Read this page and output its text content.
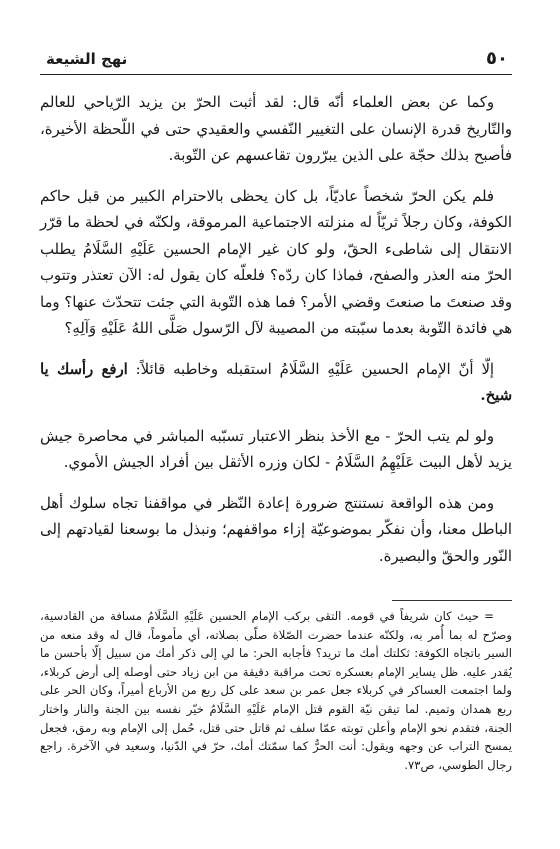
٥٠
نهج الشيعة

وكما عن بعض العلماء أنّه قال: لقد أثبت الحرّ بن يزيد الرّياحي للعالم والتّاريخ قدرة الإنسان على التغيير النّفسي والعقيدي حتى في اللّحظة الأخيرة، فأصبح بذلك حجّة على الذين يبرّرون تقاعسهم عن التّوبة.

فلم يكن الحرّ شخصاً عاديّاً، بل كان يحظى بالاحترام الكبير من قبل حاكم الكوفة، وكان رجلاً ثريّاً له منزلته الاجتماعية المرموقة، ولكنّه في لحظة ما قرّر الانتقال إلى شاطىء الحقّ، ولو كان غير الإمام الحسين عَلَيْهِ السَّلَامُ يطلب الحرّ منه العذر والصفح، فماذا كان ردّه؟ فلعلّه كان يقول له: الآن تعتذر وتتوب وقد صنعتَ ما صنعتَ وقضي الأمر؟ فما هذه التّوبة التي جئت تتحدّث عنها؟ وما هي فائدة التّوبة بعدما سبّبته من المصيبة لآل الرّسول صَلَّى اللهُ عَلَيْهِ وَآلِهِ؟

إلّا أنّ الإمام الحسين عَلَيْهِ السَّلَامُ استقبله وخاطبه قائلاً: ارفع رأسك يا شيخ.

ولو لم يتب الحرّ - مع الأخذ بنظر الاعتبار تسبّبه المباشر في محاصرة جيش يزيد لأهل البيت عَلَيْهِمُ السَّلَامُ - لكان وزره الأثقل بين أفراد الجيش الأموي.

ومن هذه الواقعة نستنتج ضرورة إعادة النّظر في مواقفنا تجاه سلوك أهل الباطل معنا، وأن نفكّر بموضوعيّة إزاء مواقفهم؛ ونبذل ما بوسعنا لقيادتهم إلى النّور والحقّ والبصيرة.

= حيث كان شريفاً في قومه. التقى بركب الإمام الحسين عَلَيْهِ السَّلَامُ مسافة من القادسية، وصرّح له بما أُمر به، ولكنّه عندما حضرت الصّلاة صلّى بصلاته، أي مأموماً، قال له وقد منعه من السير باتجاه الكوفة: ثكلتك أمك ما تريد؟ فأجابه الحر: ما لي إلى ذكر أمك من سبيل إلّا بأحسن ما يُقدر عليه. ظل يساير الإمام بعسكره تحت مراقبة دقيقة من ابن زياد حتى أوصله إلى أرض كربلاء، ولما اجتمعت العساكر في كربلاء جعل عمر بن سعد على كل ربع من الأرباع أميراً، وكان الحر على ربع همدان وتميم. لما تيقن نيّة القوم قتل الإمام عَلَيْهِ السَّلَامُ خيّر نفسه بين الجنة والنار واختار الجنة، فتقدم نحو الإمام وأعلن توبته عمّا سلف ثم قاتل حتى قتل، حُمل إلى الإمام وبه رمق، فجعل يمسح التراب عن وجهه ويقول: أنت الحرُّ كما سمّتك أمك، حرّ في الدّنيا، وسعيد في الآخرة. راجع رجال الطوسي، ص٧٣.
